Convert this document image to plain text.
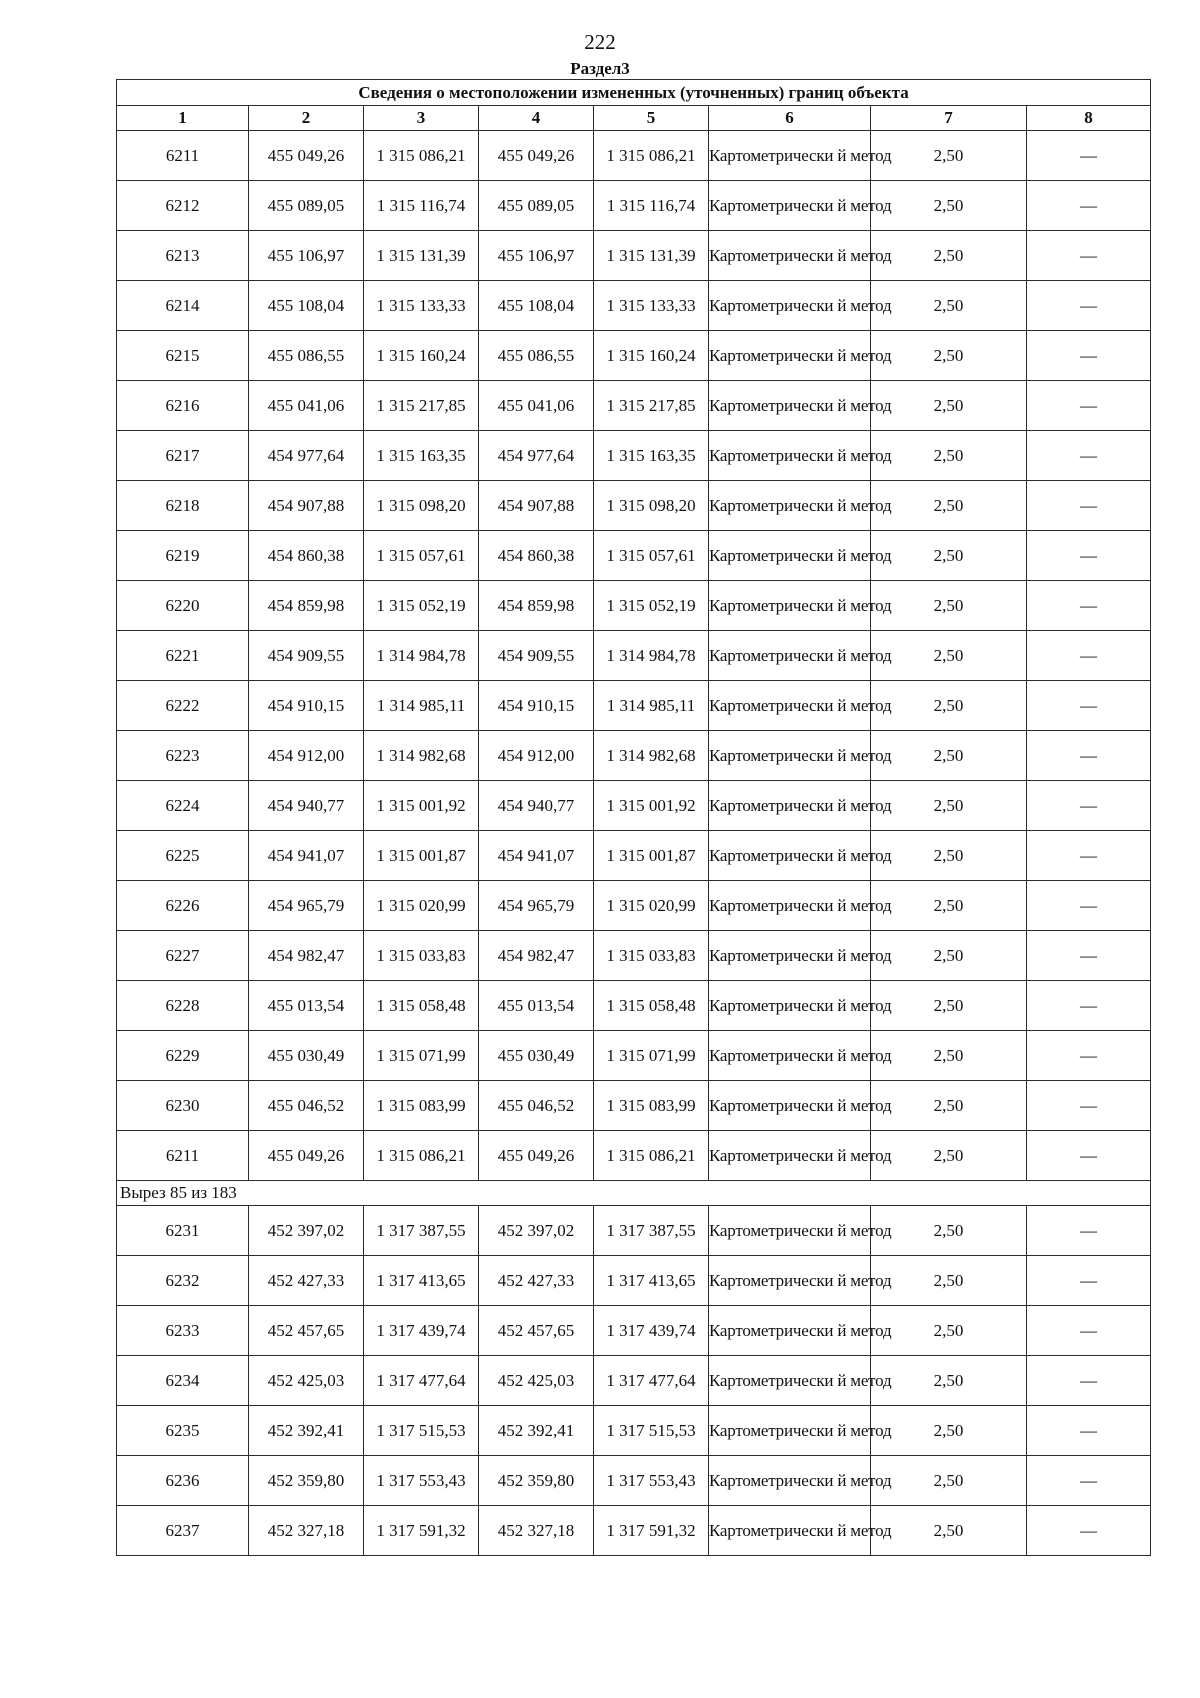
222
Раздел3
Сведения о местоположении измененных (уточненных) границ объекта							
1	2	3	4	5	6	7	8
6211	455 049,26	1 315 086,21	455 049,26	1 315 086,21	Картометрически й метод	2,50	—
6212	455 089,05	1 315 116,74	455 089,05	1 315 116,74	Картометрически й метод	2,50	—
6213	455 106,97	1 315 131,39	455 106,97	1 315 131,39	Картометрически й метод	2,50	—
6214	455 108,04	1 315 133,33	455 108,04	1 315 133,33	Картометрически й метод	2,50	—
6215	455 086,55	1 315 160,24	455 086,55	1 315 160,24	Картометрически й метод	2,50	—
6216	455 041,06	1 315 217,85	455 041,06	1 315 217,85	Картометрически й метод	2,50	—
6217	454 977,64	1 315 163,35	454 977,64	1 315 163,35	Картометрически й метод	2,50	—
6218	454 907,88	1 315 098,20	454 907,88	1 315 098,20	Картометрически й метод	2,50	—
6219	454 860,38	1 315 057,61	454 860,38	1 315 057,61	Картометрически й метод	2,50	—
6220	454 859,98	1 315 052,19	454 859,98	1 315 052,19	Картометрически й метод	2,50	—
6221	454 909,55	1 314 984,78	454 909,55	1 314 984,78	Картометрически й метод	2,50	—
6222	454 910,15	1 314 985,11	454 910,15	1 314 985,11	Картометрически й метод	2,50	—
6223	454 912,00	1 314 982,68	454 912,00	1 314 982,68	Картометрически й метод	2,50	—
6224	454 940,77	1 315 001,92	454 940,77	1 315 001,92	Картометрически й метод	2,50	—
6225	454 941,07	1 315 001,87	454 941,07	1 315 001,87	Картометрически й метод	2,50	—
6226	454 965,79	1 315 020,99	454 965,79	1 315 020,99	Картометрически й метод	2,50	—
6227	454 982,47	1 315 033,83	454 982,47	1 315 033,83	Картометрически й метод	2,50	—
6228	455 013,54	1 315 058,48	455 013,54	1 315 058,48	Картометрически й метод	2,50	—
6229	455 030,49	1 315 071,99	455 030,49	1 315 071,99	Картометрически й метод	2,50	—
6230	455 046,52	1 315 083,99	455 046,52	1 315 083,99	Картометрически й метод	2,50	—
6211	455 049,26	1 315 086,21	455 049,26	1 315 086,21	Картометрически й метод	2,50	—
Вырез 85 из 183							
6231	452 397,02	1 317 387,55	452 397,02	1 317 387,55	Картометрически й метод	2,50	—
6232	452 427,33	1 317 413,65	452 427,33	1 317 413,65	Картометрически й метод	2,50	—
6233	452 457,65	1 317 439,74	452 457,65	1 317 439,74	Картометрически й метод	2,50	—
6234	452 425,03	1 317 477,64	452 425,03	1 317 477,64	Картометрически й метод	2,50	—
6235	452 392,41	1 317 515,53	452 392,41	1 317 515,53	Картометрически й метод	2,50	—
6236	452 359,80	1 317 553,43	452 359,80	1 317 553,43	Картометрически й метод	2,50	—
6237	452 327,18	1 317 591,32	452 327,18	1 317 591,32	Картометрически й метод	2,50	—
